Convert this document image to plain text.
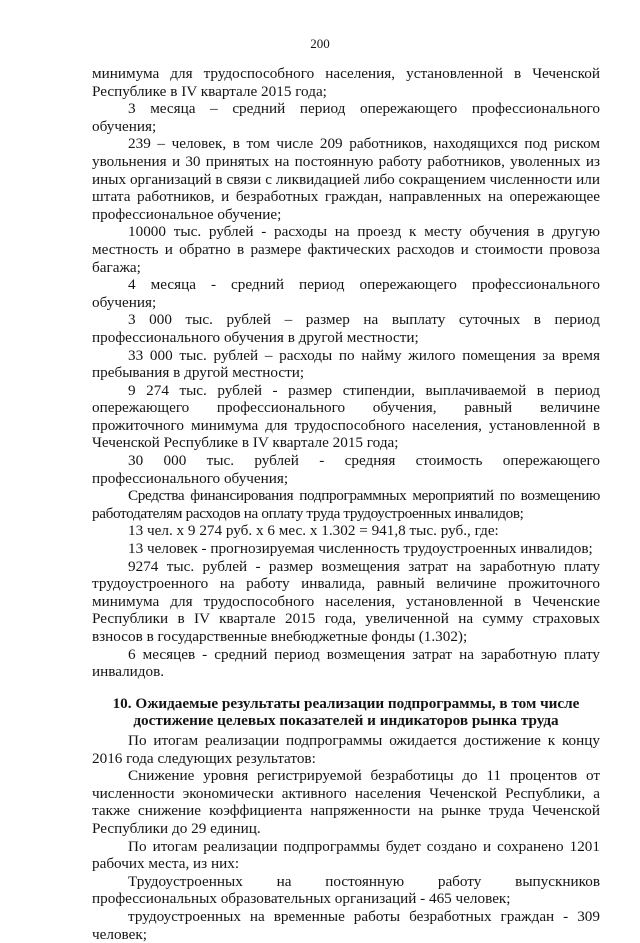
200

минимума для трудоспособного населения, установленной в Чеченской Республике в IV квартале 2015 года;

3 месяца – средний период опережающего профессионального обучения;

239 – человек, в том числе 209 работников, находящихся под риском увольнения и 30 принятых на постоянную работу работников, уволенных из иных организаций в связи с ликвидацией либо сокращением численности или штата работников, и безработных граждан, направленных на опережающее профессиональное обучение;

10000 тыс. рублей - расходы на проезд к месту обучения в другую местность и обратно в размере фактических расходов и стоимости провоза багажа;

4 месяца - средний период опережающего профессионального обучения;

3 000 тыс. рублей – размер на выплату суточных в период профессионального обучения в другой местности;

33 000 тыс. рублей – расходы по найму жилого помещения за время пребывания в другой местности;

9 274 тыс. рублей - размер стипендии, выплачиваемой в период опережающего профессионального обучения, равный величине прожиточного минимума для трудоспособного населения, установленной в Чеченской Республике в IV квартале 2015 года;

30 000 тыс. рублей - средняя стоимость опережающего профессионального обучения;

Средства финансирования подпрограммных мероприятий по возмещению работодателям расходов на оплату труда трудоустроенных инвалидов;

13 чел. х 9 274 руб. х 6 мес. х 1.302 = 941,8 тыс. руб., где:

13 человек - прогнозируемая численность трудоустроенных инвалидов;

9274 тыс. рублей - размер возмещения затрат на заработную плату трудоустроенного на работу инвалида, равный величине прожиточного минимума для трудоспособного населения, установленной в Чеченские Республики в IV квартале 2015 года, увеличенной на сумму страховых взносов в государственные внебюджетные фонды (1.302);

6 месяцев - средний период возмещения затрат на заработную плату инвалидов.

10. Ожидаемые результаты реализации подпрограммы, в том числе достижение целевых показателей и индикаторов рынка труда

По итогам реализации подпрограммы ожидается достижение к концу 2016 года следующих результатов:

Снижение уровня регистрируемой безработицы до 11 процентов от численности экономически активного населения Чеченской Республики, а также снижение коэффициента напряженности на рынке труда Чеченской Республики до 29 единиц.

По итогам реализации подпрограммы будет создано и сохранено 1201 рабочих места, из них:

Трудоустроенных на постоянную работу выпускников профессиональных образовательных организаций - 465 человек;

трудоустроенных на временные работы безработных граждан - 309 человек;
